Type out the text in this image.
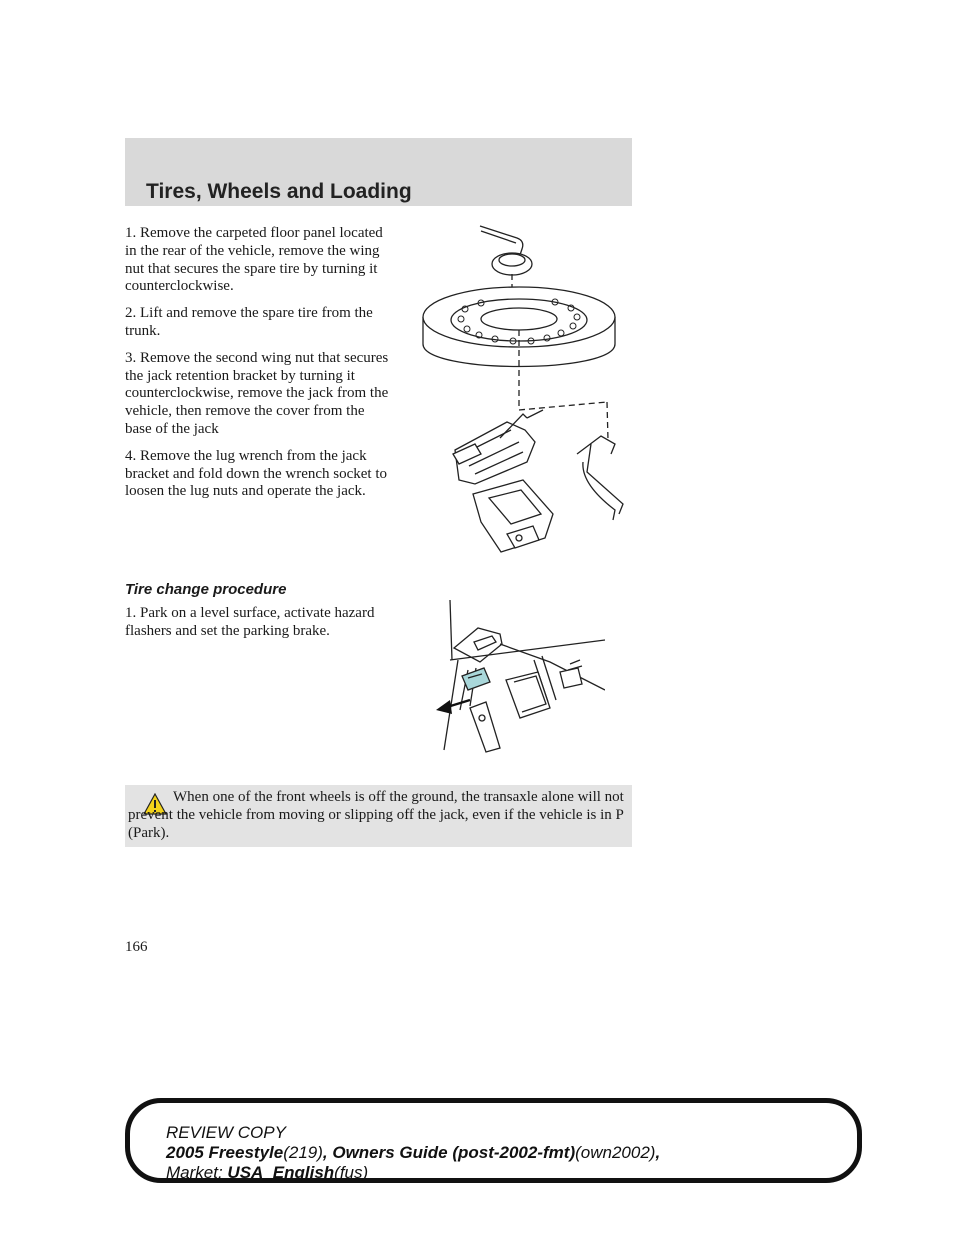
Tires, Wheels and Loading

1. Remove the carpeted floor panel located in the rear of the vehicle, remove the wing nut that secures the spare tire by turning it counterclockwise.

2. Lift and remove the spare tire from the trunk.

3. Remove the second wing nut that secures the jack retention bracket by turning it counterclockwise, remove the jack from the vehicle, then remove the cover from the base of the jack

4. Remove the lug wrench from the jack bracket and fold down the wrench socket to loosen the lug nuts and operate the jack.

Tire change procedure

1. Park on a level surface, activate hazard flashers and set the parking brake.

When one of the front wheels is off the ground, the transaxle alone will not prevent the vehicle from moving or slipping off the jack, even if the vehicle is in P (Park).

166
REVIEW COPY
2005 Freestyle(219), Owners Guide (post-2002-fmt)(own2002),
Market: USA_English(fus)
